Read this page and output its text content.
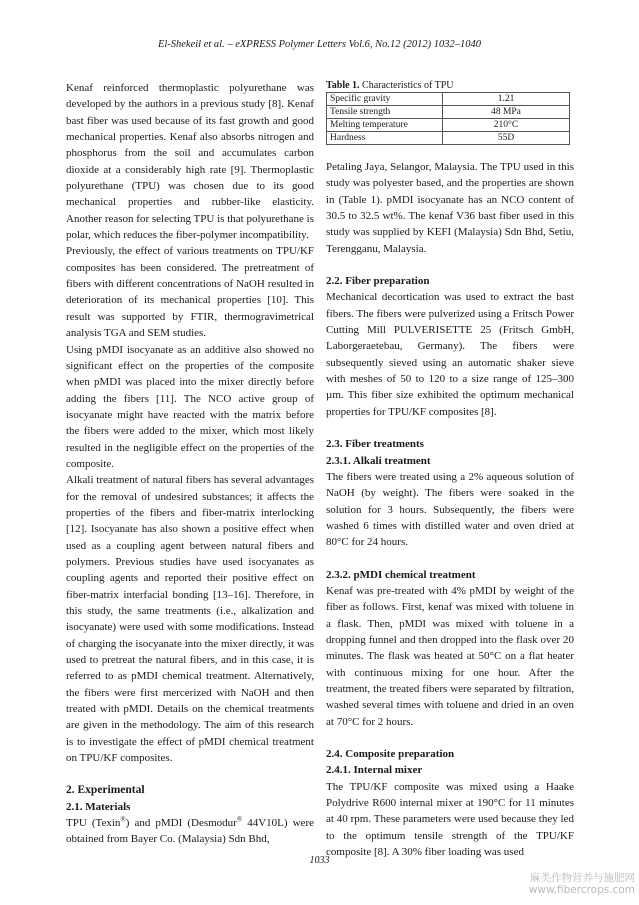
El-Shekeil et al. – eXPRESS Polymer Letters Vol.6, No.12 (2012) 1032–1040

Kenaf reinforced thermoplastic polyurethane was developed by the authors in a previous study [8]. Kenaf bast fiber was used because of its fast growth and good mechanical properties. Kenaf also absorbs nitrogen and phosphorus from the soil and accumulates carbon dioxide at a considerably high rate [9]. Thermoplastic polyurethane (TPU) was chosen due to its good mechanical properties and rubber-like elasticity. Another reason for selecting TPU is that polyurethane is polar, which reduces the fiber-polymer incompatibility.

Previously, the effect of various treatments on TPU/KF composites has been considered. The pretreatment of fibers with different concentrations of NaOH resulted in deterioration of its mechanical properties [10]. This result was supported by FTIR, thermogravimetrical analysis TGA and SEM studies.

Using pMDI isocyanate as an additive also showed no significant effect on the properties of the composite when pMDI was placed into the mixer directly before adding the fibers [11]. The NCO active group of isocyanate might have reacted with the matrix before the fibers were added to the mixer, which most likely resulted in the negligible effect on the properties of the composite.

Alkali treatment of natural fibers has several advantages for the removal of undesired substances; it affects the properties of the fibers and fiber-matrix interlocking [12]. Isocyanate has also shown a positive effect when used as a coupling agent between natural fibers and polymers. Previous studies have used isocyanates as coupling agents and reported their positive effect on fiber-matrix interfacial bonding [13–16]. Therefore, in this study, the same treatments (i.e., alkalization and isocyanate) were used with some modifications. Instead of charging the isocyanate into the mixer directly, it was used to pretreat the natural fibers, and in this case, it is referred to as pMDI chemical treatment. Alternatively, the fibers were first mercerized with NaOH and then treated with pMDI. Details on the chemical treatments are given in the methodology. The aim of this research is to investigate the effect of pMDI chemical treatment on TPU/KF composites.

2. Experimental

2.1. Materials

TPU (Texin®) and pMDI (Desmodur® 44V10L) were obtained from Bayer Co. (Malaysia) Sdn Bhd,

Table 1. Characteristics of TPU

Specific gravity	1.21
Tensile strength	48 MPa
Melting temperature	210°C
Hardness	55D

Petaling Jaya, Selangor, Malaysia. The TPU used in this study was polyester based, and the properties are shown in (Table 1). pMDI isocyanate has an NCO content of 30.5 to 32.5 wt%. The kenaf V36 bast fiber used in this study was supplied by KEFI (Malaysia) Sdn Bhd, Setiu, Terengganu, Malaysia.

2.2. Fiber preparation

Mechanical decortication was used to extract the bast fibers. The fibers were pulverized using a Fritsch Power Cutting Mill PULVERISETTE 25 (Fritsch GmbH, Laborgeraetebau, Germany). The fibers were subsequently sieved using an automatic shaker sieve with meshes of 50 to 120 to a size range of 125–300 µm. This fiber size exhibited the optimum mechanical properties for TPU/KF composites [8].

2.3. Fiber treatments

2.3.1. Alkali treatment

The fibers were treated using a 2% aqueous solution of NaOH (by weight). The fibers were soaked in the solution for 3 hours. Subsequently, the fibers were washed 6 times with distilled water and oven dried at 80°C for 24 hours.

2.3.2. pMDI chemical treatment

Kenaf was pre-treated with 4% pMDI by weight of the fiber as follows. First, kenaf was mixed with toluene in a flask. Then, pMDI was mixed with toluene in a dropping funnel and then dropped into the flask over 20 minutes. The flask was heated at 50°C on a flat heater with continuous mixing for one hour. After the treatment, the treated fibers were separated by filtration, washed several times with toluene and dried in an oven at 70°C for 2 hours.

2.4. Composite preparation

2.4.1. Internal mixer

The TPU/KF composite was mixed using a Haake Polydrive R600 internal mixer at 190°C for 11 minutes at 40 rpm. These parameters were used because they led to the optimum tensile strength of the TPU/KF composite [8]. A 30% fiber loading was used

1033
麻类作物营养与施肥网
www.fibercrops.com
